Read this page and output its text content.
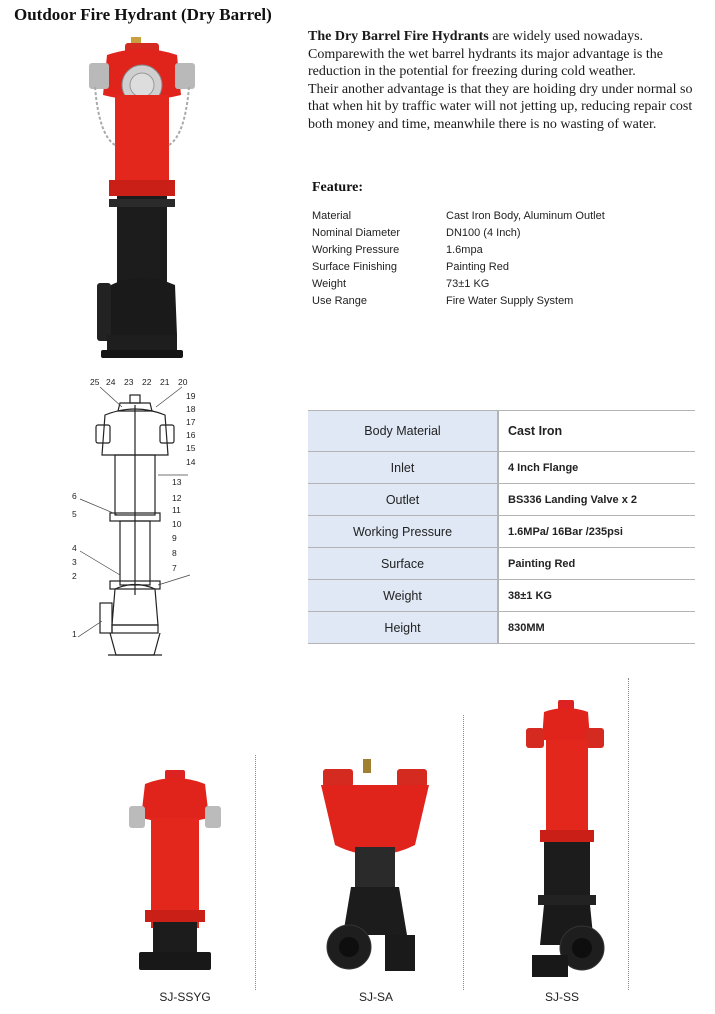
Outdoor Fire Hydrant (Dry Barrel)
The Dry Barrel Fire Hydrants are widely used nowadays. Comparewith the wet barrel hydrants its major advantage is the reduction in the potential for freezing during cold weather.
Their another advantage is that they are hoiding dry under normal so that when hit by traffic water will not jetting up, reducing repair cost both money and time, meanwhile there is no wasting of water.
Feature:
Material	Cast Iron Body, Aluminum Outlet
Nominal Diameter	DN100 (4 Inch)
Working Pressure	1.6mpa
Surface Finishing	Painting Red
Weight	73±1 KG
Use Range	Fire Water Supply System
25 24 23 22 21 20
19
18
17
16
15
14
13
12
11
10
9
8
7
6
5
4
3
2
1
Body Material	Cast Iron
Inlet	4 Inch Flange
Outlet	BS336 Landing Valve x 2
Working Pressure	1.6MPa/ 16Bar /235psi
Surface	Painting Red
Weight	38±1 KG
Height	830MM
SJ-SSYG	SJ-SA	SJ-SS
